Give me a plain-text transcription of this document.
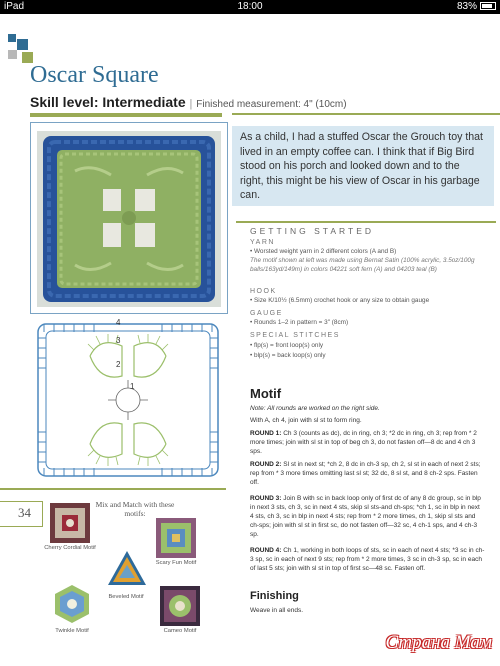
iPad	18:00	83%
Oscar Square
Skill level: Intermediate | Finished measurement: 4" (10cm)
As a child, I had a stuffed Oscar the Grouch toy that lived in an empty coffee can. I think that if Big Bird stood on his porch and looked down and to the right, this might be his view of Oscar in his garbage can.
GETTING STARTED
YARN
• Worsted weight yarn in 2 different colors (A and B)
The motif shown at left was made using Bernat Satin (100% acrylic, 3.5oz/100g balls/163yd/149m) in colors 04221 soft fern (A) and 04203 teal (B)
HOOK
• Size K/10½ (6.5mm) crochet hook or any size to obtain gauge
GAUGE
• Rounds 1–2 in pattern = 3" (8cm)
SPECIAL STITCHES
• flp(s) = front loop(s) only
• blp(s) = back loop(s) only
Motif
Note: All rounds are worked on the right side.
With A, ch 4, join with sl st to form ring.
ROUND 1: Ch 3 (counts as dc), dc in ring, ch 3; *2 dc in ring, ch 3; rep from * 2 more times; join with sl st in top of beg ch 3, do not fasten off—8 dc and 4 ch 3 sps.
ROUND 2: Sl st in next st; *ch 2, 8 dc in ch-3 sp, ch 2, sl st in each of next 2 sts; rep from * 3 more times omitting last sl st; 32 dc, 8 sl st, and 8 ch-2 sps. Fasten off.
ROUND 3: Join B with sc in back loop only of first dc of any 8 dc group, sc in blp in next 3 sts, ch 3, sc in next 4 sts, skip sl sts-and ch-sps; *ch 1, sc in blp in next 4 sts, ch 3, sc in blp in next 4 sts; rep from * 2 more times, ch 1, skip sl sts and ch-sps; join with sl st in first sc, do not fasten off—32 sc, 4 ch-1 sps, and 4 ch-3 sp.
ROUND 4: Ch 1, working in both loops of sts, sc in each of next 4 sts; *3 sc in ch-3 sp, sc in each of next 9 sts; rep from * 2 more times, 3 sc in ch-3 sp, sc in each of last 5 sts; join with sl st in top of first sc—48 sc. Fasten off.
Finishing
Weave in all ends.
4
3
2
1
34
Mix and Match with these motifs:
Cherry Cordial Motif
Scary Fun Motif
Beveled Motif
Twinkle Motif	Cameo Motif
Страна Мам
